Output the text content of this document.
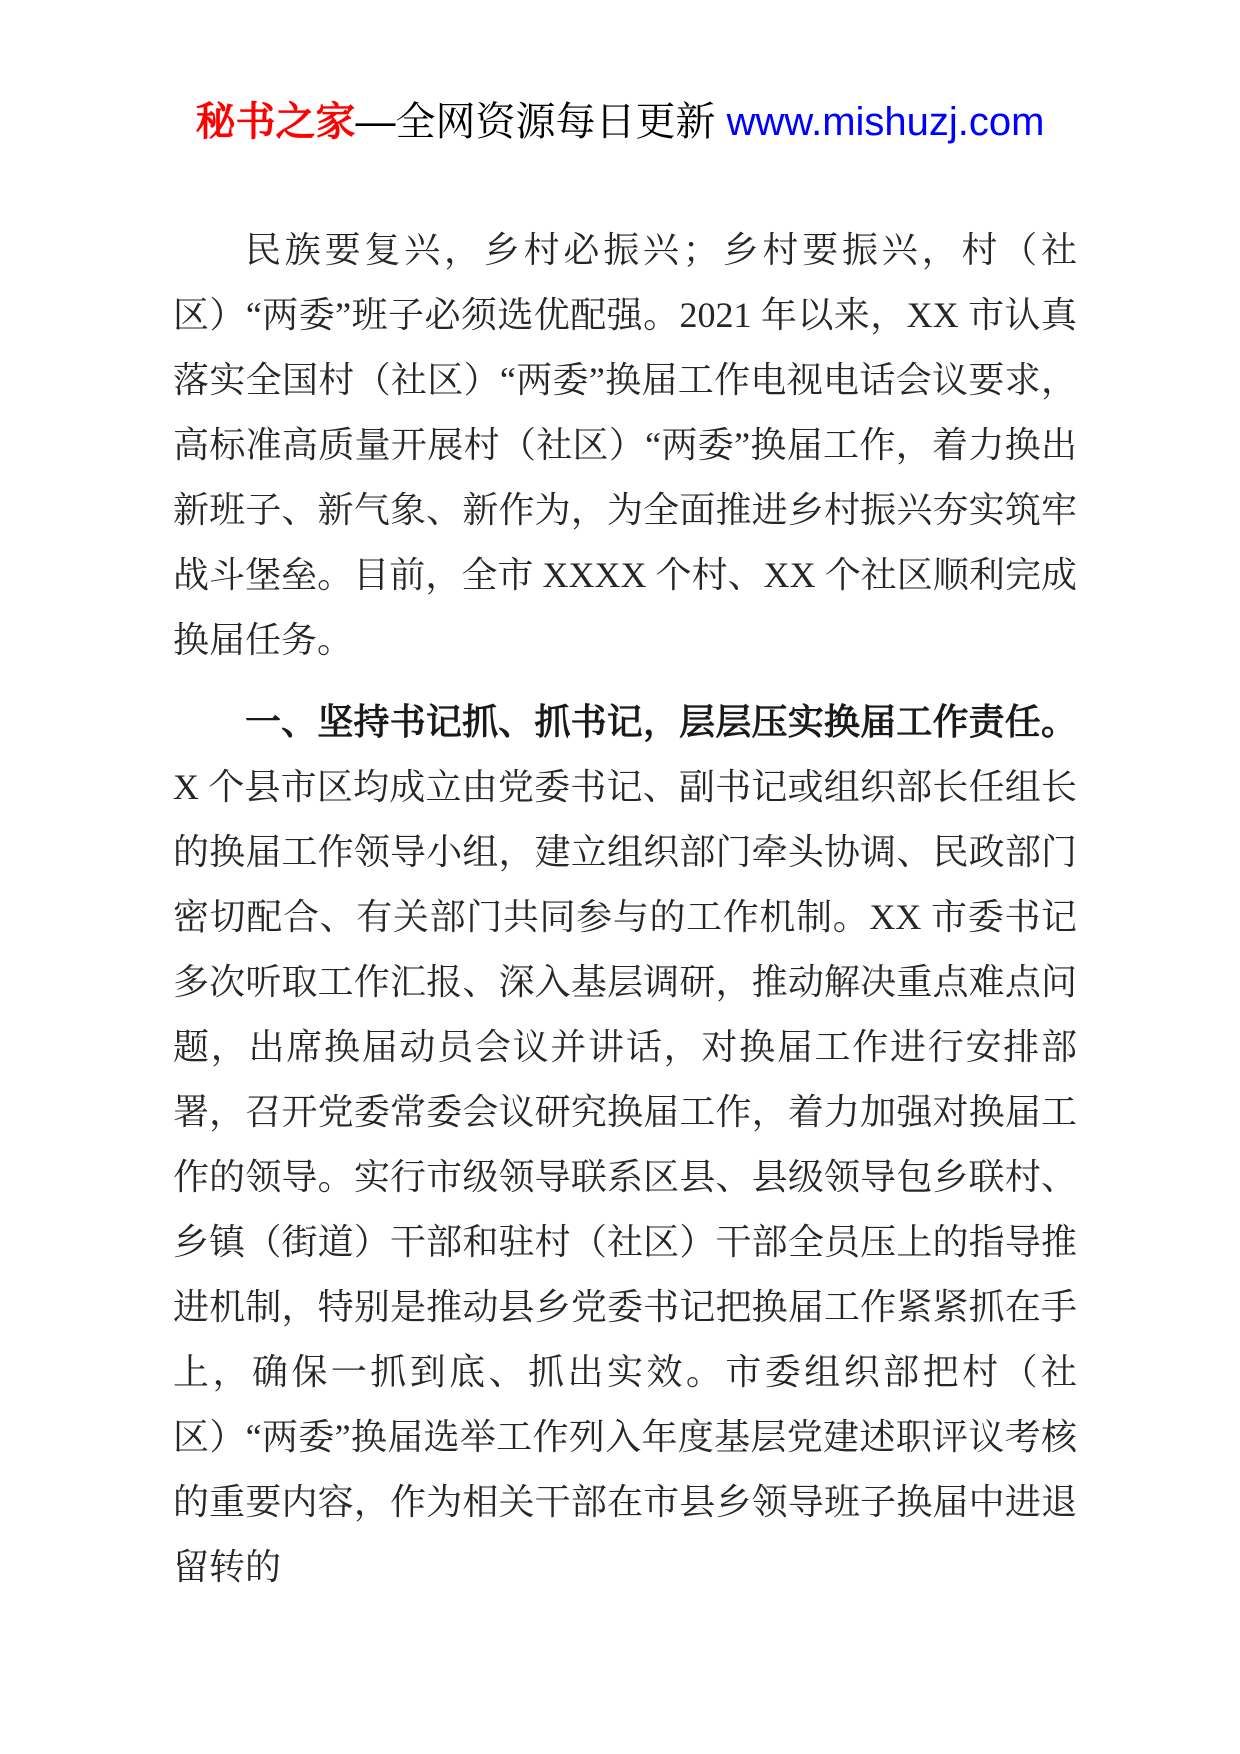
秘书之家—全网资源每日更新 www.mishuzj.com

民族要复兴，乡村必振兴；乡村要振兴，村（社区）“两委”班子必须选优配强。2021 年以来，XX 市认真落实全国村（社区）“两委”换届工作电视电话会议要求，高标准高质量开展村（社区）“两委”换届工作，着力换出新班子、新气象、新作为，为全面推进乡村振兴夯实筑牢战斗堡垒。目前，全市 XXXX 个村、XX 个社区顺利完成换届任务。

一、坚持书记抓、抓书记，层层压实换届工作责任。X 个县市区均成立由党委书记、副书记或组织部长任组长的换届工作领导小组，建立组织部门牵头协调、民政部门密切配合、有关部门共同参与的工作机制。XX 市委书记多次听取工作汇报、深入基层调研，推动解决重点难点问题，出席换届动员会议并讲话，对换届工作进行安排部署，召开党委常委会议研究换届工作，着力加强对换届工作的领导。实行市级领导联系区县、县级领导包乡联村、乡镇（街道）干部和驻村（社区）干部全员压上的指导推进机制，特别是推动县乡党委书记把换届工作紧紧抓在手上，确保一抓到底、抓出实效。市委组织部把村（社区）“两委”换届选举工作列入年度基层党建述职评议考核的重要内容，作为相关干部在市县乡领导班子换届中进退留转的
